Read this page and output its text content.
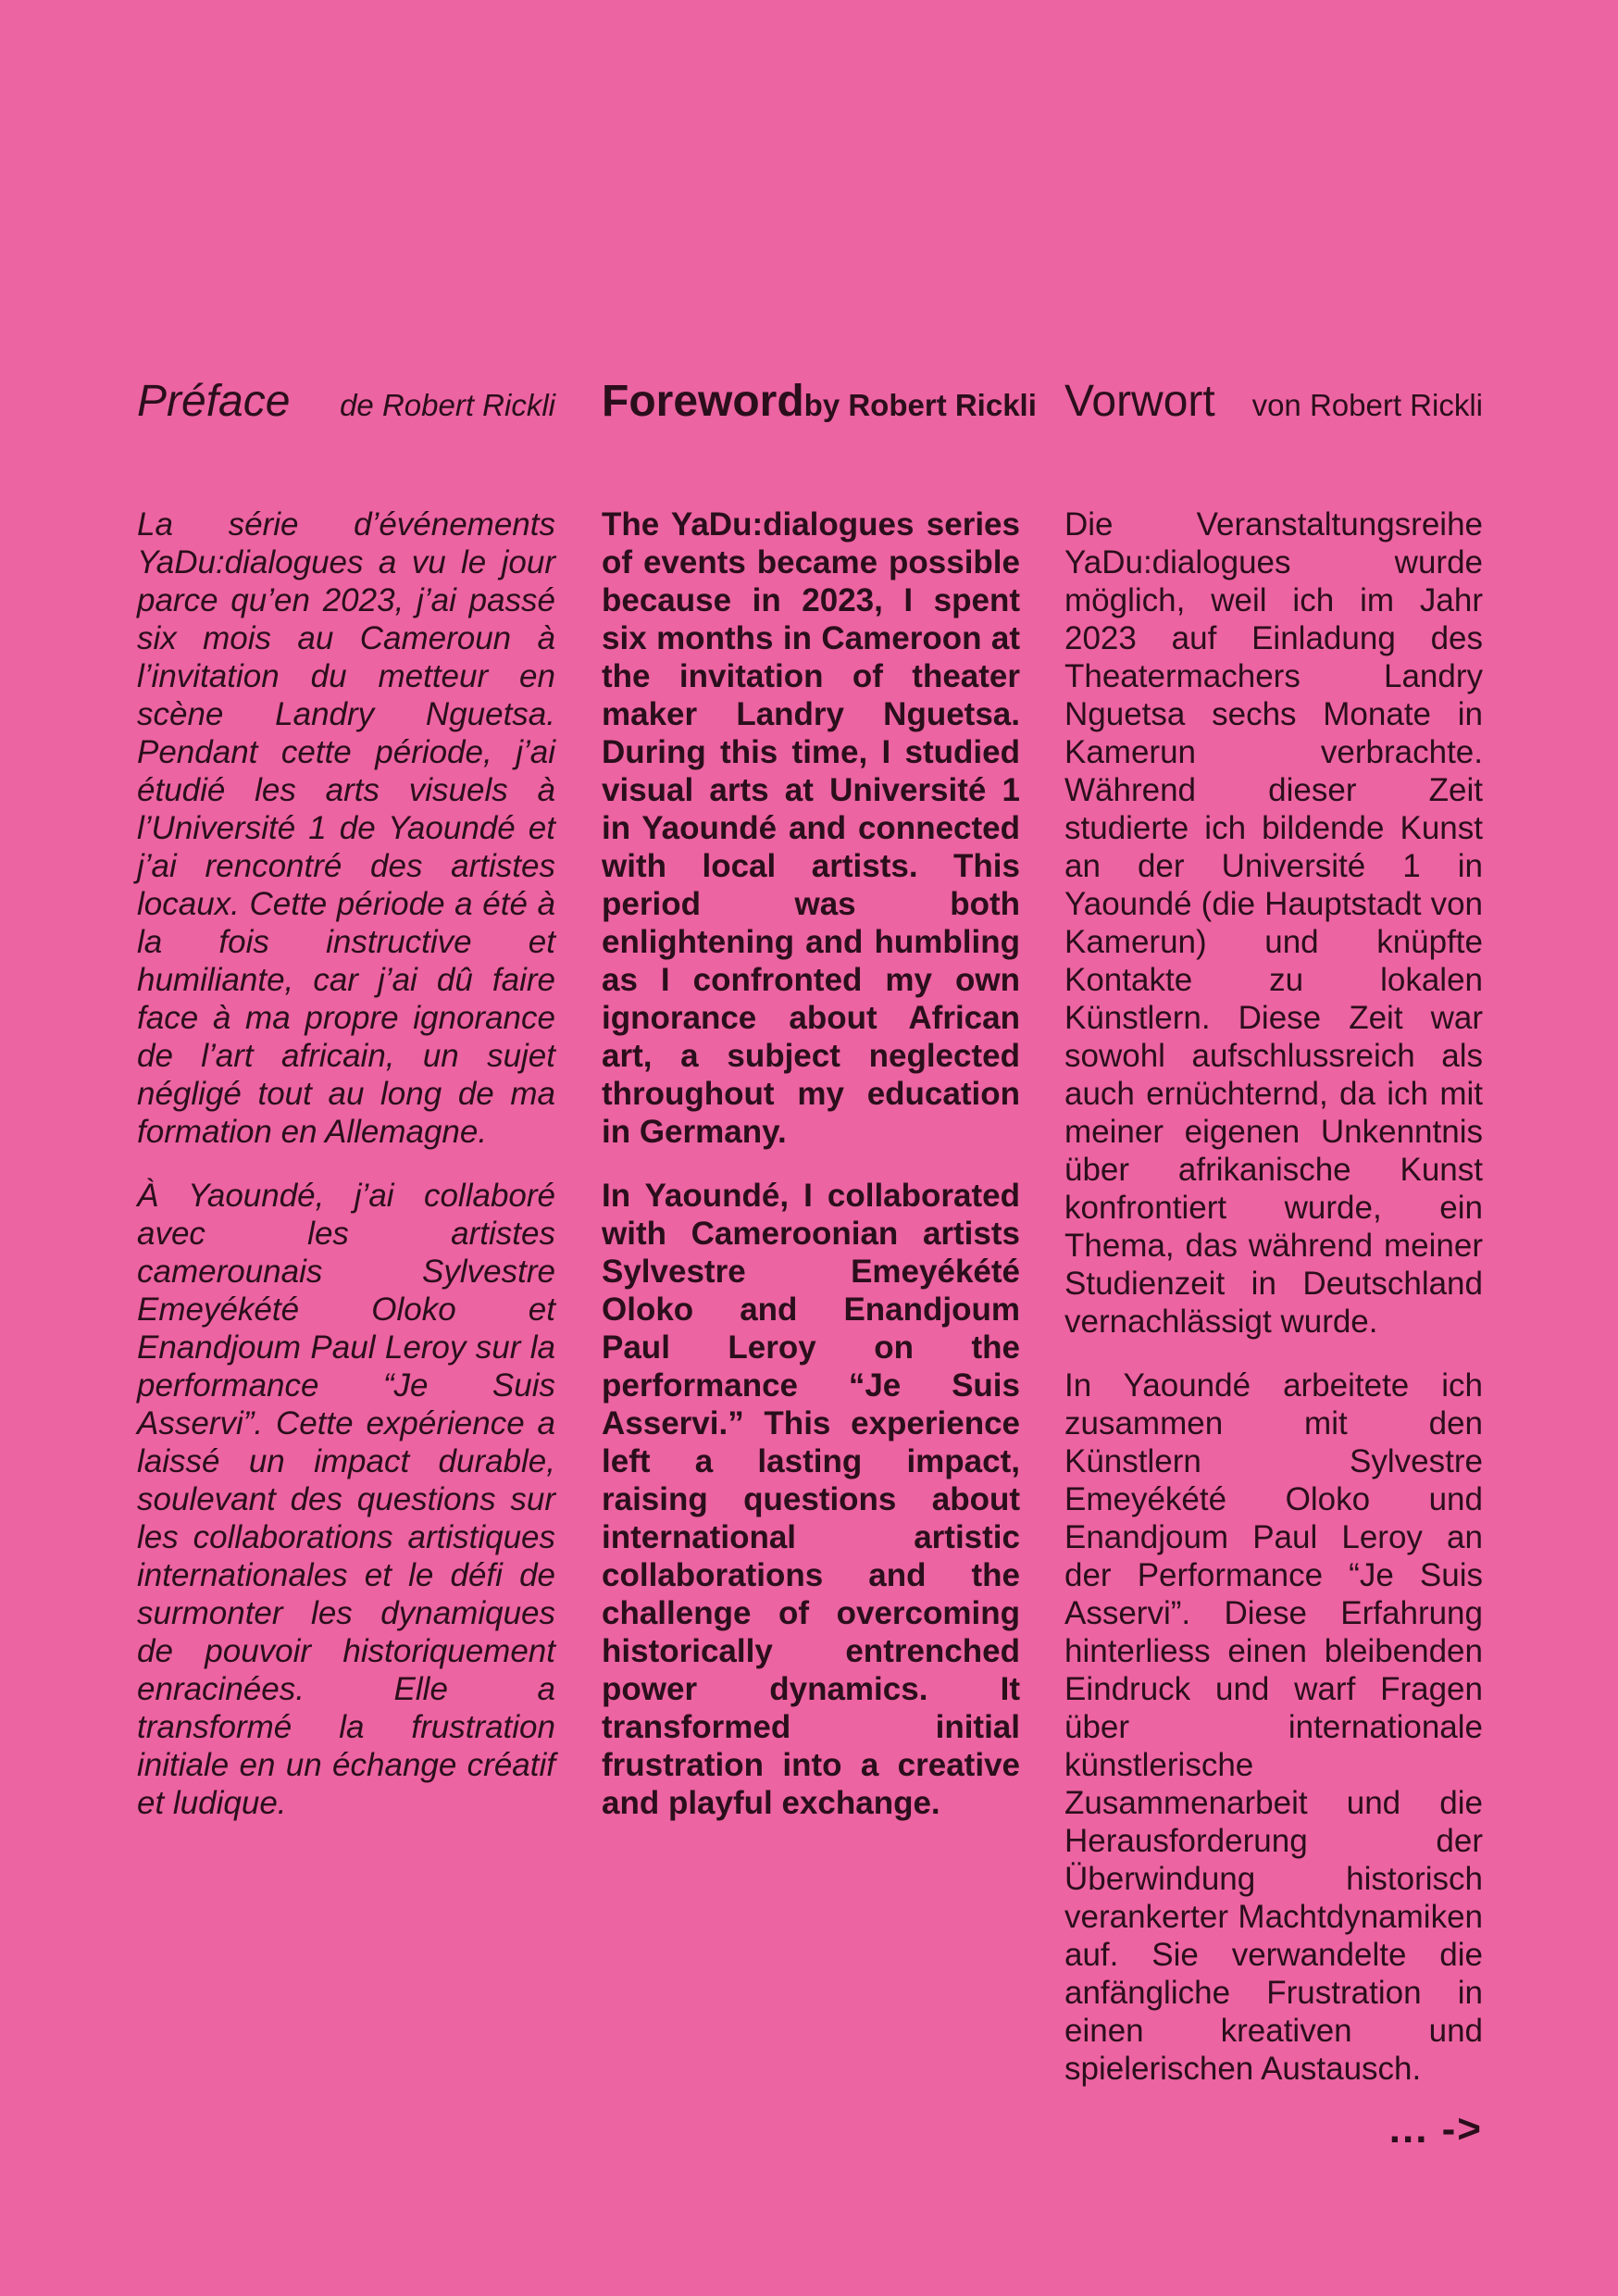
Préface de Robert Rickli

La série d’événements YaDu:dialogues a vu le jour parce qu’en 2023, j’ai passé six mois au Cameroun à l’invitation du metteur en scène Landry Nguetsa. Pendant cette période, j’ai étudié les arts visuels à l’Université 1 de Yaoundé et j’ai rencontré des artistes locaux. Cette période a été à la fois instructive et humiliante, car j’ai dû faire face à ma propre ignorance de l’art africain, un sujet négligé tout au long de ma formation en Allemagne.

À Yaoundé, j’ai collaboré avec les artistes camerounais Sylvestre Emeyékété Oloko et Enandjoum Paul Leroy sur la performance “Je Suis Asservi”. Cette expérience a laissé un impact durable, soulevant des questions sur les collaborations artistiques internationales et le défi de surmonter les dynamiques de pouvoir historiquement enracinées. Elle a transformé la frustration initiale en un échange créatif et ludique.

Foreword by Robert Rickli

The YaDu:dialogues series of events became possible because in 2023, I spent six months in Cameroon at the invitation of theater maker Landry Nguetsa. During this time, I studied visual arts at Université 1 in Yaoundé and connected with local artists. This period was both enlightening and humbling as I confronted my own ignorance about African art, a subject neglected throughout my education in Germany.

In Yaoundé, I collaborated with Cameroonian artists Sylvestre Emeyékété Oloko and Enandjoum Paul Leroy on the performance “Je Suis Asservi.” This experience left a lasting impact, raising questions about international artistic collaborations and the challenge of overcoming historically entrenched power dynamics. It transformed initial frustration into a creative and playful exchange.

Vorwort von Robert Rickli

Die Veranstaltungsreihe YaDu:dialogues wurde möglich, weil ich im Jahr 2023 auf Einladung des Theatermachers Landry Nguetsa sechs Monate in Kamerun verbrachte. Während dieser Zeit studierte ich bildende Kunst an der Université 1 in Yaoundé (die Hauptstadt von Kamerun) und knüpfte Kontakte zu lokalen Künstlern. Diese Zeit war sowohl aufschlussreich als auch ernüchternd, da ich mit meiner eigenen Unkenntnis über afrikanische Kunst konfrontiert wurde, ein Thema, das während meiner Studienzeit in Deutschland vernachlässigt wurde.

In Yaoundé arbeitete ich zusammen mit den Künstlern Sylvestre Emeyékété Oloko und Enandjoum Paul Leroy an der Performance “Je Suis Asservi”. Diese Erfahrung hinterliess einen bleibenden Eindruck und warf Fragen über internationale künstlerische Zusammenarbeit und die Herausforderung der Überwindung historisch verankerter Machtdynamiken auf. Sie verwandelte die anfängliche Frustration in einen kreativen und spielerischen Austausch.

... ->
